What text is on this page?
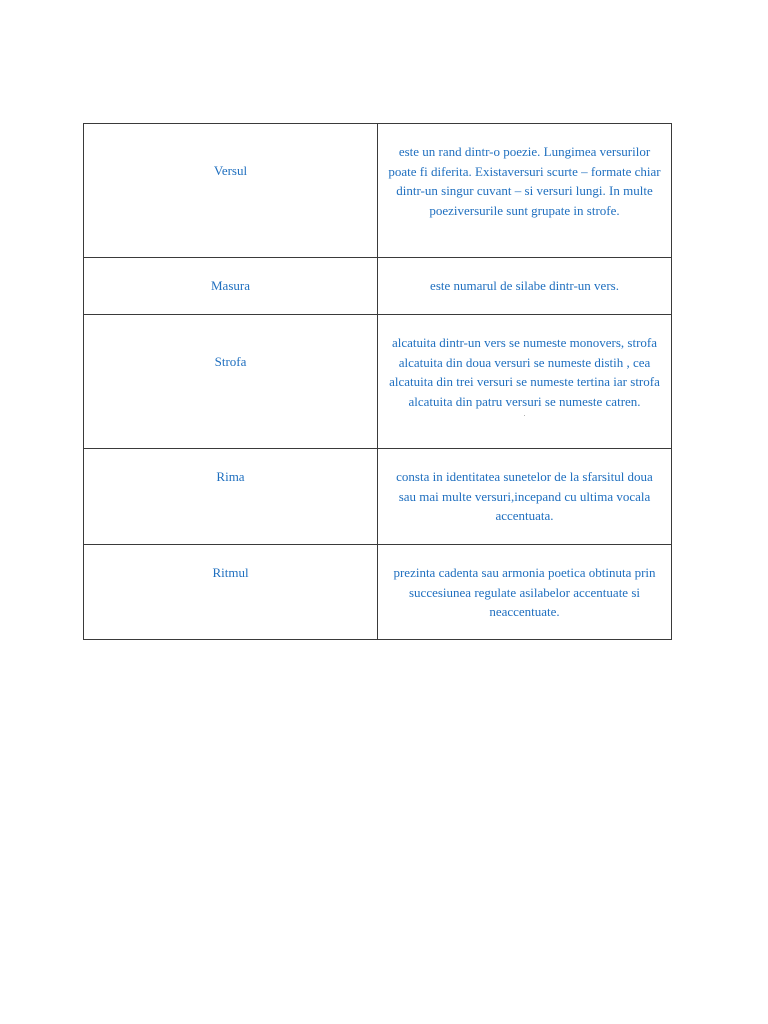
Versul	este un rand dintr-o poezie. Lungimea versurilor poate fi diferita. Existaversuri scurte – formate chiar dintr-un singur cuvant – si versuri lungi. In multe poeziversurile sunt grupate in strofe.

Masura	este numarul de silabe dintr-un vers.

Strofa	alcatuita dintr-un vers se numeste monovers, strofa alcatuita din doua versuri se numeste distih , cea alcatuita din trei versuri se numeste tertina iar strofa alcatuita din patru versuri se numeste catren.
.

Rima	consta in identitatea sunetelor de la sfarsitul doua sau mai multe versuri,incepand cu ultima vocala accentuata.

Ritmul	prezinta cadenta sau armonia poetica obtinuta prin succesiunea regulate asilabelor accentuate si neaccentuate.
